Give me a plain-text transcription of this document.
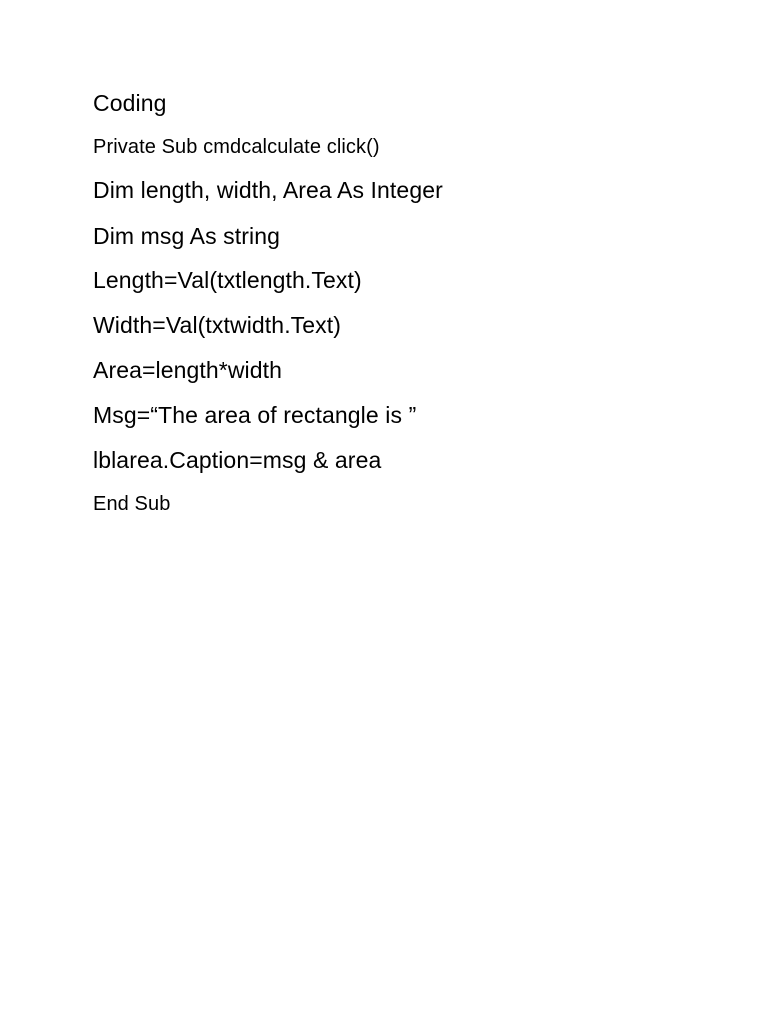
Coding
Private Sub cmdcalculate click()
Dim length, width, Area As Integer
Dim msg As string
Length=Val(txtlength.Text)
Width=Val(txtwidth.Text)
Area=length*width
Msg=“The area of rectangle is ”
lblarea.Caption=msg & area
End Sub
